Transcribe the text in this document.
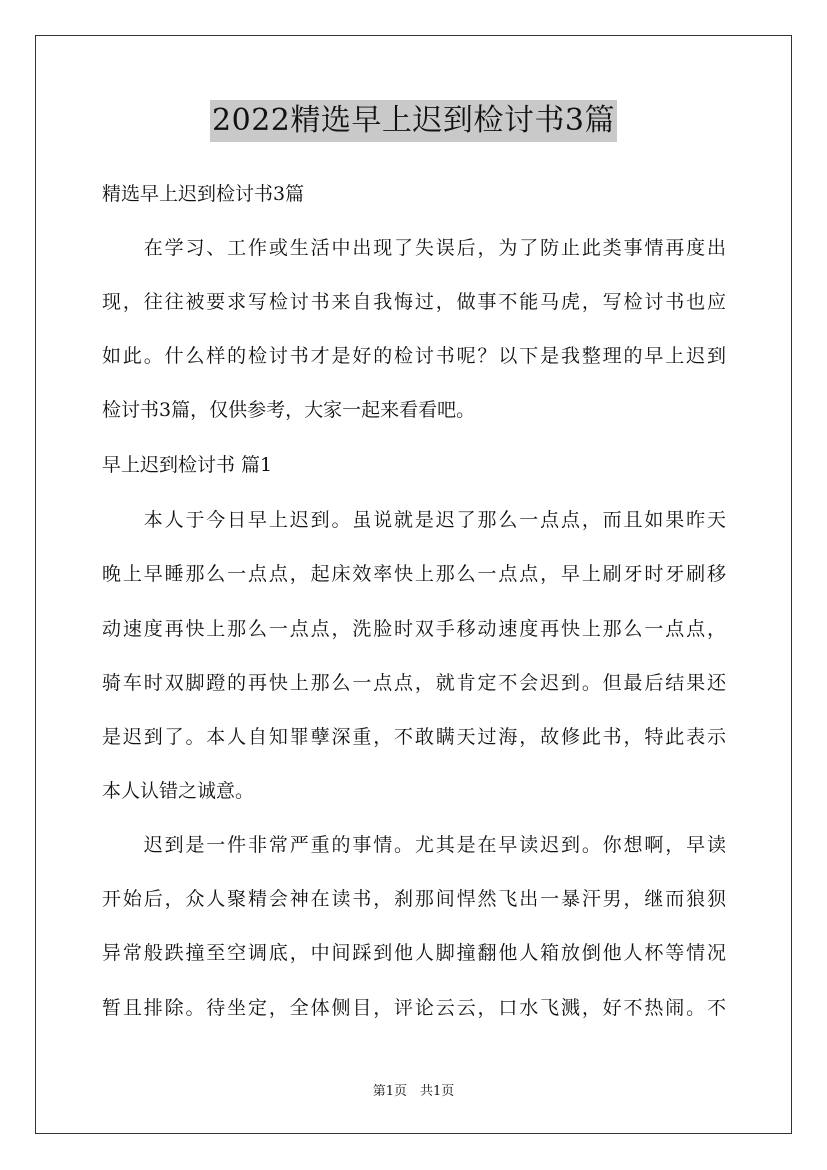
2022精选早上迟到检讨书3篇
精选早上迟到检讨书3篇
　　在学习、工作或生活中出现了失误后，为了防止此类事情再度出
现，往往被要求写检讨书来自我悔过，做事不能马虎，写检讨书也应
如此。什么样的检讨书才是好的检讨书呢？以下是我整理的早上迟到
检讨书3篇，仅供参考，大家一起来看看吧。
早上迟到检讨书 篇1
　　本人于今日早上迟到。虽说就是迟了那么一点点，而且如果昨天
晚上早睡那么一点点，起床效率快上那么一点点，早上刷牙时牙刷移
动速度再快上那么一点点，洗脸时双手移动速度再快上那么一点点，
骑车时双脚蹬的再快上那么一点点，就肯定不会迟到。但最后结果还
是迟到了。本人自知罪孽深重，不敢瞒天过海，故修此书，特此表示
本人认错之诚意。
　　迟到是一件非常严重的事情。尤其是在早读迟到。你想啊，早读
开始后，众人聚精会神在读书，刹那间悍然飞出一暴汗男，继而狼狈
异常般跌撞至空调底，中间踩到他人脚撞翻他人箱放倒他人杯等情况
暂且排除。待坐定，全体侧目，评论云云，口水飞溅，好不热闹。不
第1页　共1页
